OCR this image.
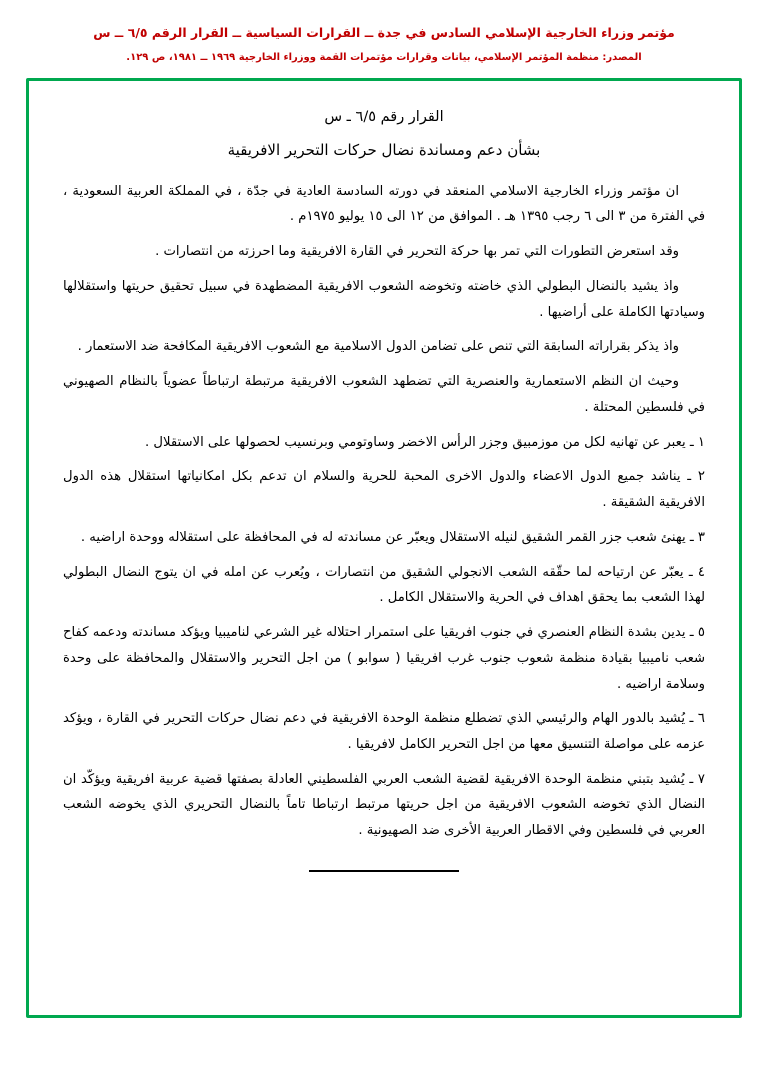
مؤتمر وزراء الخارجية الإسلامي السادس في جدة ــ القرارات السياسية ــ القرار الرقم ٦/٥ ــ س
المصدر: منظمة المؤتمر الإسلامي، بيانات وقرارات مؤتمرات القمة ووزراء الخارجية ١٩٦٩ ــ ١٩٨١، ص ١٢٩.
القرار رقم ٦/٥ ـ س
بشأن دعم ومساندة نضال حركات التحرير الافريقية

ان مؤتمر وزراء الخارجية الاسلامي المنعقد في دورته السادسة العادية في جدّة ، في المملكة العربية السعودية ، في الفترة من ٣ الى ٦ رجب ١٣٩٥ هـ . الموافق من ١٢ الى ١٥ يوليو ١٩٧٥م .

وقد استعرض التطورات التي تمر بها حركة التحرير في القارة الافريقية وما احرزته من انتصارات .

واذ يشيد بالنضال البطولي الذي خاضته وتخوضه الشعوب الافريقية المضطهدة في سبيل تحقيق حريتها واستقلالها وسيادتها الكاملة على أراضيها .

واذ يذكر بقراراته السابقة التي تنص على تضامن الدول الاسلامية مع الشعوب الافريقية المكافحة ضد الاستعمار .

وحيث ان النظم الاستعمارية والعنصرية التي تضطهد الشعوب الافريقية مرتبطة ارتباطاً عضوياً بالنظام الصهيوني في فلسطين المحتلة .

١ ـ يعبر عن تهانيه لكل من موزمبيق وجزر الرأس الاخضر وساوتومي وبرنسيب لحصولها على الاستقلال .

٢ ـ يناشد جميع الدول الاعضاء والدول الاخرى المحبة للحرية والسلام ان تدعم بكل امكانياتها استقلال هذه الدول الافريقية الشقيقة .

٣ ـ يهنئ شعب جزر القمر الشقيق لنيله الاستقلال ويعبّر عن مساندته له في المحافظة على استقلاله ووحدة اراضيه .

٤ ـ يعبّر عن ارتياحه لما حقّقه الشعب الانجولي الشقيق من انتصارات ، ويُعرب عن امله في ان يتوج النضال البطولي لهذا الشعب بما يحقق اهداف في الحرية والاستقلال الكامل .

٥ ـ يدين بشدة النظام العنصري في جنوب افريقيا على استمرار احتلاله غير الشرعي لناميبيا ويؤكد مساندته ودعمه كفاح شعب ناميبيا بقيادة منظمة شعوب جنوب غرب افريقيا ( سوابو ) من اجل التحرير والاستقلال والمحافظة على وحدة وسلامة اراضيه .

٦ ـ يُشيد بالدور الهام والرئيسي الذي تضطلع منظمة الوحدة الافريقية في دعم نضال حركات التحرير في القارة ، ويؤكد عزمه على مواصلة التنسيق معها من اجل التحرير الكامل لافريقيا .

٧ ـ يُشيد بتبني منظمة الوحدة الافريقية لقضية الشعب العربي الفلسطيني العادلة بصفتها قضية عربية افريقية ويؤكّد ان النضال الذي تخوضه الشعوب الافريقية من اجل حريتها مرتبط ارتباطا تاماً بالنضال التحريري الذي يخوضه الشعب العربي في فلسطين وفي الاقطار العربية الأخرى ضد الصهيونية .
